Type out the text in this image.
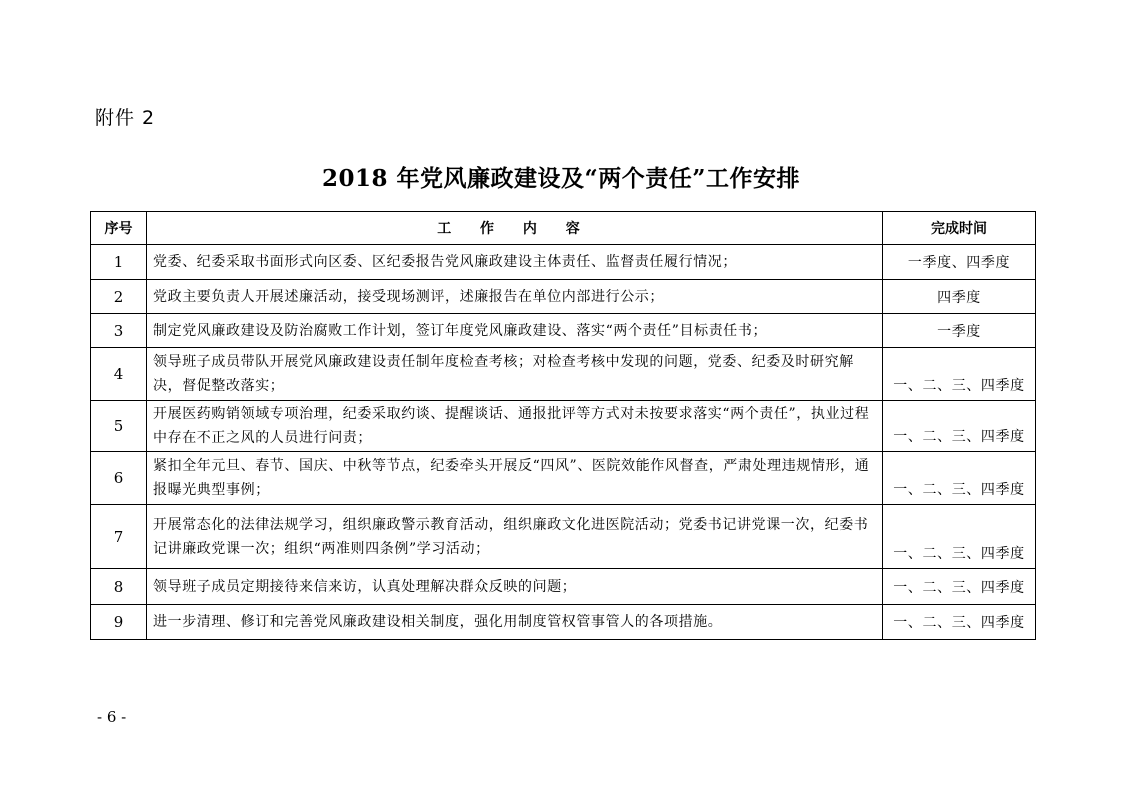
附件 2
2018 年党风廉政建设及“两个责任”工作安排
序号	工 作 内 容	完成时间
1	党委、纪委采取书面形式向区委、区纪委报告党风廉政建设主体责任、监督责任履行情况；	一季度、四季度
2	党政主要负责人开展述廉活动，接受现场测评，述廉报告在单位内部进行公示；	四季度
3	制定党风廉政建设及防治腐败工作计划，签订年度党风廉政建设、落实“两个责任”目标责任书；	一季度
4	领导班子成员带队开展党风廉政建设责任制年度检查考核；对检查考核中发现的问题，党委、纪委及时研究解决，督促整改落实；	一、二、三、四季度
5	开展医药购销领域专项治理，纪委采取约谈、提醒谈话、通报批评等方式对未按要求落实“两个责任”，执业过程中存在不正之风的人员进行问责；	一、二、三、四季度
6	紧扣全年元旦、春节、国庆、中秋等节点，纪委牵头开展反“四风”、医院效能作风督查，严肃处理违规情形，通报曝光典型事例；	一、二、三、四季度
7	开展常态化的法律法规学习，组织廉政警示教育活动，组织廉政文化进医院活动；党委书记讲党课一次，纪委书记讲廉政党课一次；组织“两准则四条例”学习活动；	一、二、三、四季度
8	领导班子成员定期接待来信来访，认真处理解决群众反映的问题；	一、二、三、四季度
9	进一步清理、修订和完善党风廉政建设相关制度，强化用制度管权管事管人的各项措施。	一、二、三、四季度
- 6 -
